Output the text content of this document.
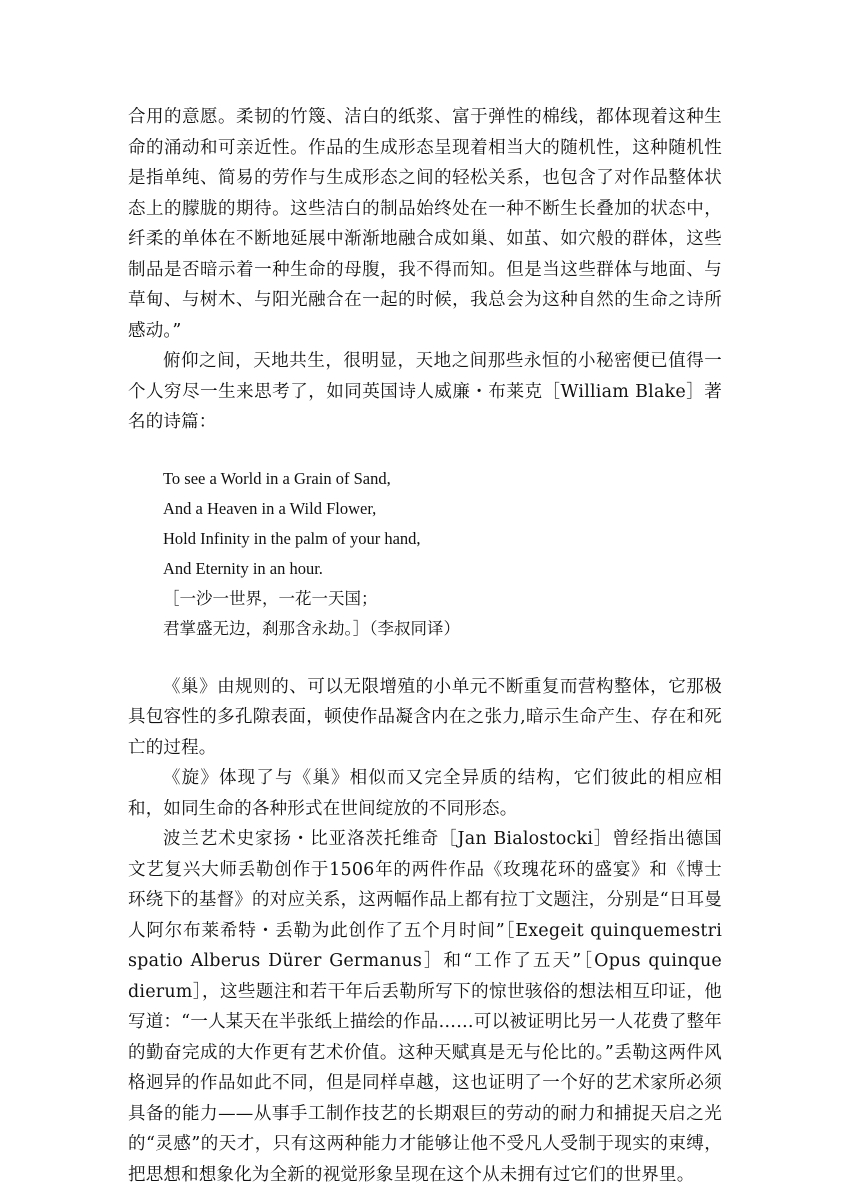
合用的意愿。柔韧的竹篾、洁白的纸浆、富于弹性的棉线，都体现着这种生命的涌动和可亲近性。作品的生成形态呈现着相当大的随机性，这种随机性是指单纯、简易的劳作与生成形态之间的轻松关系，也包含了对作品整体状态上的朦胧的期待。这些洁白的制品始终处在一种不断生长叠加的状态中，纤柔的单体在不断地延展中渐渐地融合成如巢、如茧、如穴般的群体，这些制品是否暗示着一种生命的母腹，我不得而知。但是当这些群体与地面、与草甸、与树木、与阳光融合在一起的时候，我总会为这种自然的生命之诗所感动。”

俯仰之间，天地共生，很明显，天地之间那些永恒的小秘密便已值得一个人穷尽一生来思考了，如同英国诗人威廉・布莱克［William Blake］著名的诗篇：

To see a World in a Grain of Sand,
And a Heaven in a Wild Flower,
Hold Infinity in the palm of your hand,
And Eternity in an hour.
［一沙一世界，一花一天国；
君掌盛无边，刹那含永劫。］（李叔同译）

《巢》由规则的、可以无限增殖的小单元不断重复而营构整体，它那极具包容性的多孔隙表面，顿使作品凝含内在之张力,暗示生命产生、存在和死亡的过程。

《旋》体现了与《巢》相似而又完全异质的结构，它们彼此的相应相和，如同生命的各种形式在世间绽放的不同形态。

波兰艺术史家扬・比亚洛茨托维奇［Jan Bialostocki］曾经指出德国文艺复兴大师丢勒创作于1506年的两件作品《玫瑰花环的盛宴》和《博士环绕下的基督》的对应关系，这两幅作品上都有拉丁文题注，分别是“日耳曼人阿尔布莱希特・丢勒为此创作了五个月时间”［Exegeit quinquemestri spatio Alberus Dürer Germanus］和“工作了五天”［Opus quinque dierum］，这些题注和若干年后丢勒所写下的惊世骇俗的想法相互印证，他写道：“一人某天在半张纸上描绘的作品……可以被证明比另一人花费了整年的勤奋完成的大作更有艺术价值。这种天赋真是无与伦比的。”丢勒这两件风格迥异的作品如此不同，但是同样卓越，这也证明了一个好的艺术家所必须具备的能力——从事手工制作技艺的长期艰巨的劳动的耐力和捕捉天启之光的“灵感”的天才，只有这两种能力才能够让他不受凡人受制于现实的束缚，把思想和想象化为全新的视觉形象呈现在这个从未拥有过它们的世界里。
